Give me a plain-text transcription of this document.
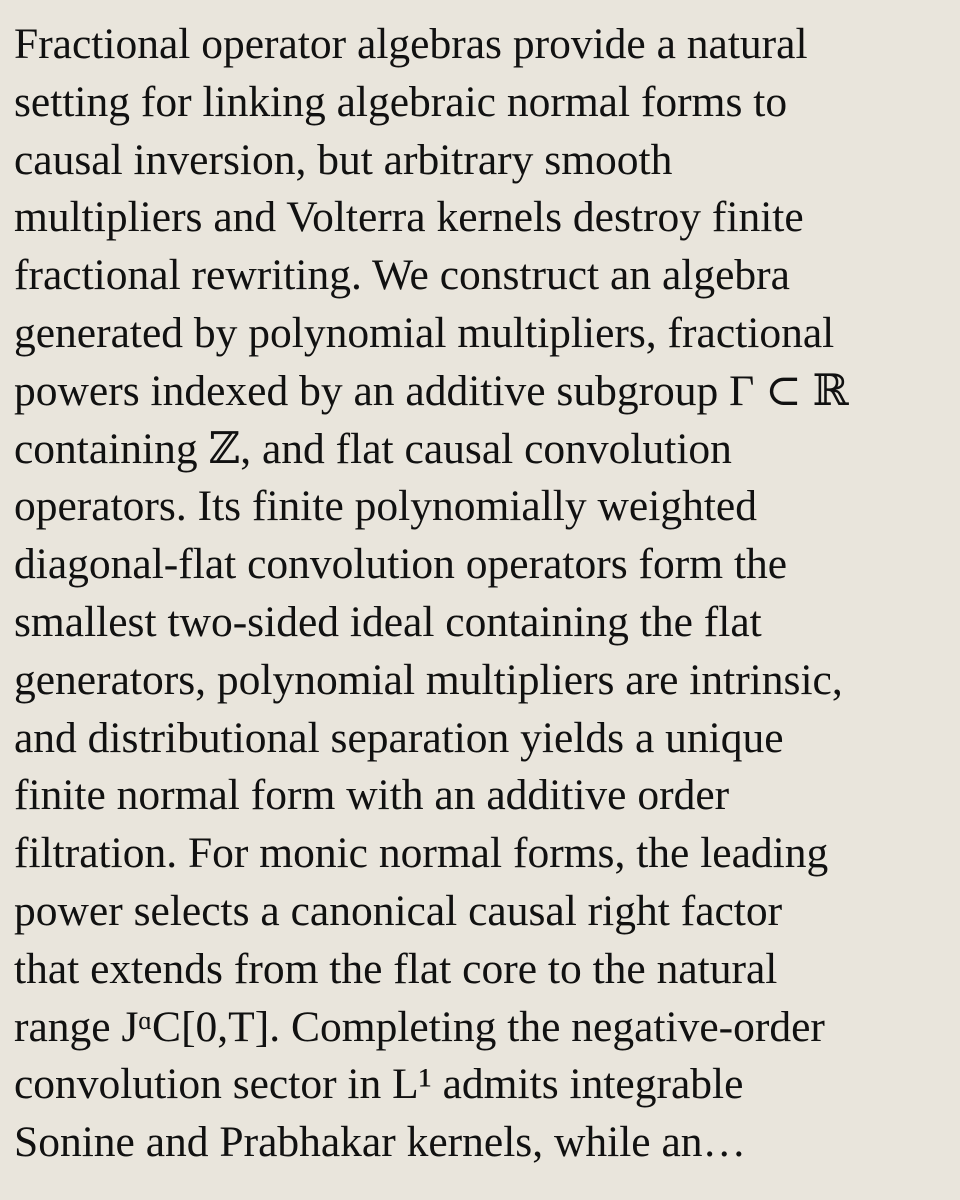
Fractional operator algebras provide a natural
setting for linking algebraic normal forms to
causal inversion, but arbitrary smooth
multipliers and Volterra kernels destroy finite
fractional rewriting. We construct an algebra
generated by polynomial multipliers, fractional
powers indexed by an additive subgroup Γ ⊂ ℝ
containing ℤ, and flat causal convolution
operators. Its finite polynomially weighted
diagonal-flat convolution operators form the
smallest two-sided ideal containing the flat
generators, polynomial multipliers are intrinsic,
and distributional separation yields a unique
finite normal form with an additive order
filtration. For monic normal forms, the leading
power selects a canonical causal right factor
that extends from the flat core to the natural
range JᵅC[0,T]. Completing the negative-order
convolution sector in L¹ admits integrable
Sonine and Prabhakar kernels, while an…
